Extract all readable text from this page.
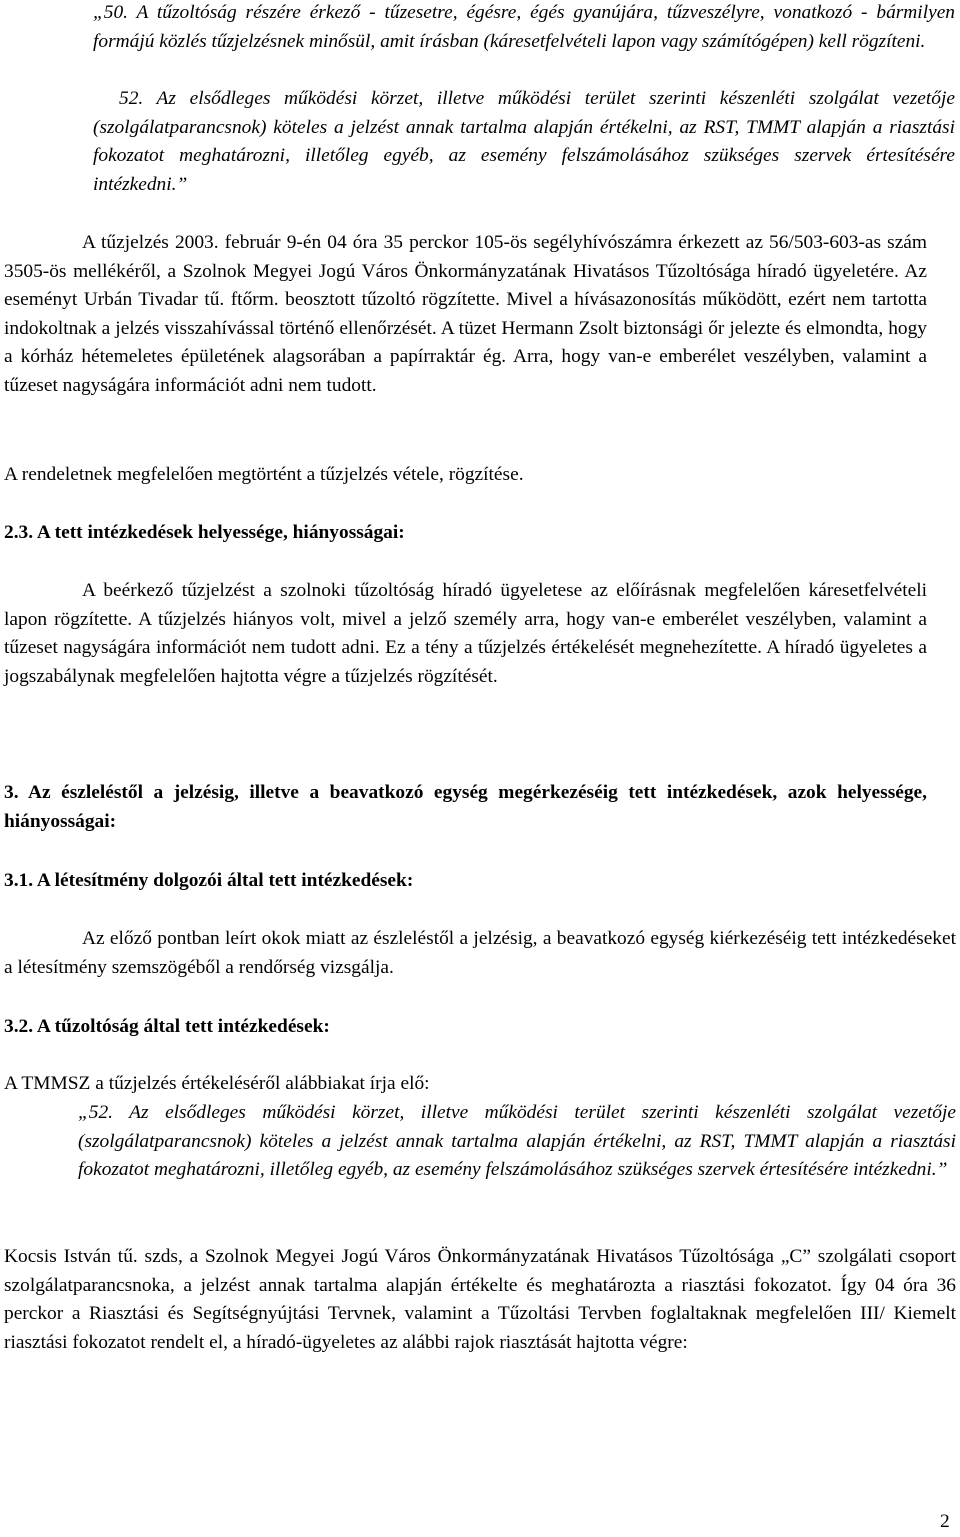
„50. A tűzoltóság részére érkező - tűzesetre, égésre, égés gyanújára, tűzveszélyre, vonatkozó - bármilyen formájú közlés tűzjelzésnek minősül, amit írásban (káresetfelvételi lapon vagy számítógépen) kell rögzíteni.

52. Az elsődleges működési körzet, illetve működési terület szerinti készenléti szolgálat vezetője (szolgálatparancsnok) köteles a jelzést annak tartalma alapján értékelni, az RST, TMMT alapján a riasztási fokozatot meghatározni, illetőleg egyéb, az esemény felszámolásához szükséges szervek értesítésére intézkedni.”

A tűzjelzés 2003. február 9-én 04 óra 35 perckor 105-ös segélyhívószámra érkezett az 56/503-603-as szám 3505-ös mellékéről, a Szolnok Megyei Jogú Város Önkormányzatának Hivatásos Tűzoltósága híradó ügyeletére. Az eseményt Urbán Tivadar tű. ftőrm. beosztott tűzoltó rögzítette. Mivel a hívásazonosítás működött, ezért nem tartotta indokoltnak a jelzés visszahívással történő ellenőrzését. A tüzet Hermann Zsolt biztonsági őr jelezte és elmondta, hogy a kórház hétemeletes épületének alagsorában a papírraktár ég. Arra, hogy van-e emberélet veszélyben, valamint a tűzeset nagyságára információt adni nem tudott.

A rendeletnek megfelelően megtörtént a tűzjelzés vétele, rögzítése.

2.3. A tett intézkedések helyessége, hiányosságai:

A beérkező tűzjelzést a szolnoki tűzoltóság híradó ügyeletese az előírásnak megfelelően káresetfelvételi lapon rögzítette. A tűzjelzés hiányos volt, mivel a jelző személy arra, hogy van-e emberélet veszélyben, valamint a tűzeset nagyságára információt nem tudott adni. Ez a tény a tűzjelzés értékelését megnehezítette. A híradó ügyeletes a jogszabálynak megfelelően hajtotta végre a tűzjelzés rögzítését.

3. Az észleléstől a jelzésig, illetve a beavatkozó egység megérkezéséig tett intézkedések, azok helyessége, hiányosságai:

3.1. A létesítmény dolgozói által tett intézkedések:

Az előző pontban leírt okok miatt az észleléstől a jelzésig, a beavatkozó egység kiérkezéséig tett intézkedéseket a létesítmény szemszögéből a rendőrség vizsgálja.

3.2. A tűzoltóság által tett intézkedések:

A TMMSZ a tűzjelzés értékeléséről alábbiakat írja elő:

„52. Az elsődleges működési körzet, illetve működési terület szerinti készenléti szolgálat vezetője (szolgálatparancsnok) köteles a jelzést annak tartalma alapján értékelni, az RST, TMMT alapján a riasztási fokozatot meghatározni, illetőleg egyéb, az esemény felszámolásához szükséges szervek értesítésére intézkedni.”

Kocsis István tű. szds, a Szolnok Megyei Jogú Város Önkormányzatának Hivatásos Tűzoltósága „C” szolgálati csoport szolgálatparancsnoka, a jelzést annak tartalma alapján értékelte és meghatározta a riasztási fokozatot. Így 04 óra 36 perckor a Riasztási és Segítségnyújtási Tervnek, valamint a Tűzoltási Tervben foglaltaknak megfelelően III/ Kiemelt riasztási fokozatot rendelt el, a híradó-ügyeletes az alábbi rajok riasztását hajtotta végre:

2
